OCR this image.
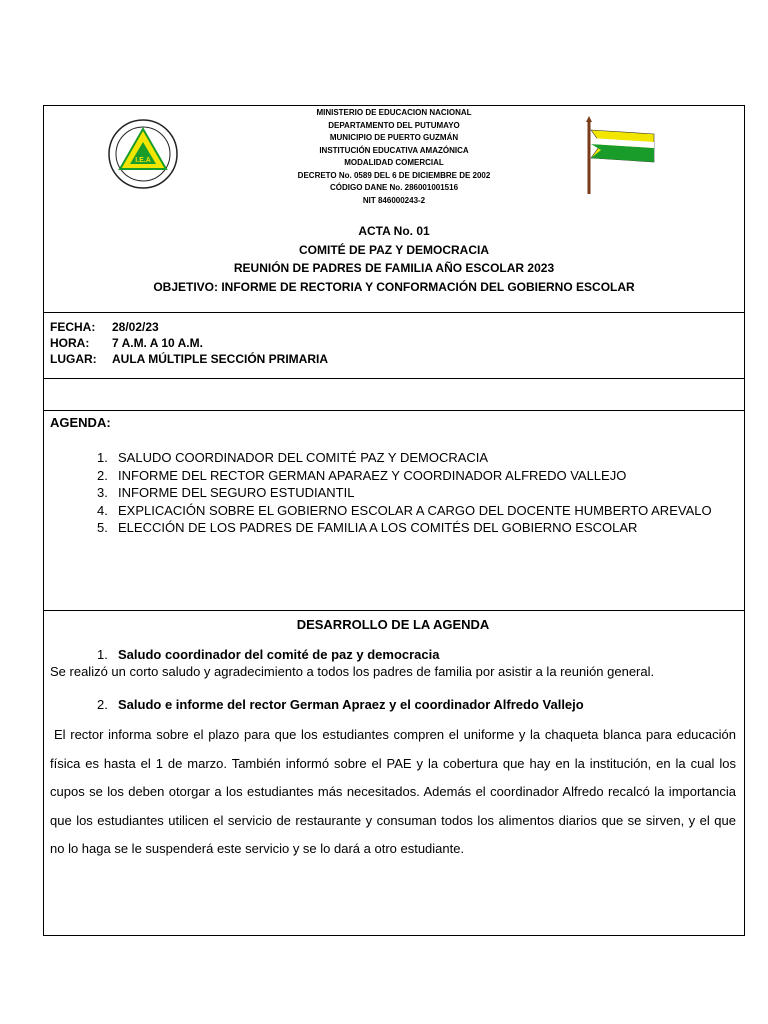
I.E.A
MINISTERIO DE EDUCACION NACIONAL
DEPARTAMENTO DEL PUTUMAYO
MUNICIPIO DE PUERTO GUZMÁN
INSTITUCIÓN EDUCATIVA AMAZÓNICA
MODALIDAD COMERCIAL
DECRETO No. 0589 DEL 6 DE DICIEMBRE DE 2002
CÓDIGO DANE No. 286001001516
NIT 846000243-2
ACTA No. 01
COMITÉ DE PAZ Y DEMOCRACIA
REUNIÓN DE PADRES DE FAMILIA AÑO ESCOLAR 2023
OBJETIVO: INFORME DE RECTORIA Y CONFORMACIÓN DEL GOBIERNO ESCOLAR
FECHA: 28/02/23
HORA: 7 A.M. A 10 A.M.
LUGAR: AULA MÚLTIPLE SECCIÓN PRIMARIA
AGENDA:
1. SALUDO COORDINADOR DEL COMITÉ PAZ Y DEMOCRACIA
2. INFORME DEL RECTOR GERMAN APARAEZ Y COORDINADOR ALFREDO VALLEJO
3. INFORME DEL SEGURO ESTUDIANTIL
4. EXPLICACIÓN SOBRE EL GOBIERNO ESCOLAR A CARGO DEL DOCENTE HUMBERTO AREVALO
5. ELECCIÓN DE LOS PADRES DE FAMILIA A LOS COMITÉS DEL GOBIERNO ESCOLAR
DESARROLLO DE LA AGENDA
1. Saludo coordinador del comité de paz y democracia
Se realizó un corto saludo y agradecimiento a todos los padres de familia por asistir a la reunión general.
2. Saludo e informe del rector German Apraez y el coordinador Alfredo Vallejo
El rector informa sobre el plazo para que los estudiantes compren el uniforme y la chaqueta blanca para educación física es hasta el 1 de marzo. También informó sobre el PAE y la cobertura que hay en la institución, en la cual los cupos se los deben otorgar a los estudiantes más necesitados. Además el coordinador Alfredo recalcó la importancia que los estudiantes utilicen el servicio de restaurante y consuman todos los alimentos diarios que se sirven, y el que no lo haga se le suspenderá este servicio y se lo dará a otro estudiante.
